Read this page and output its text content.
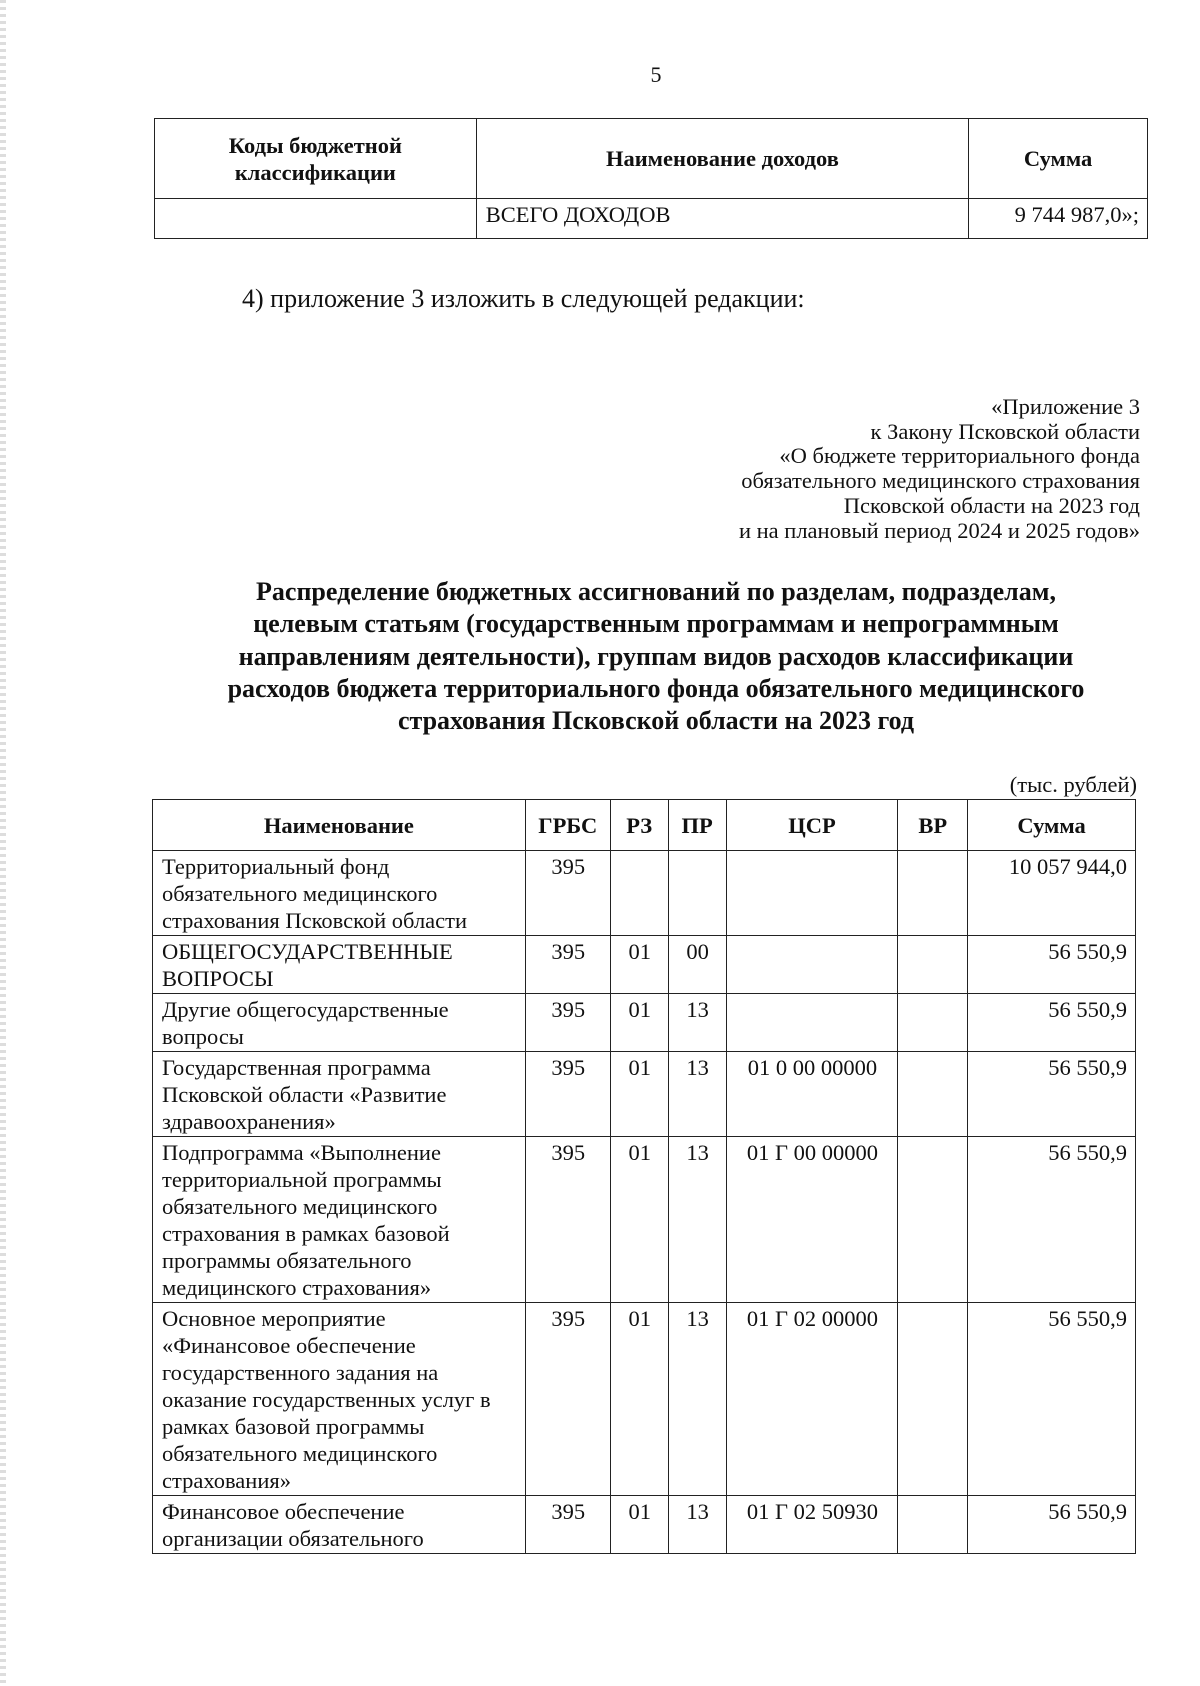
5
Коды бюджетной классификации	Наименование доходов	Сумма
	ВСЕГО ДОХОДОВ	9 744 987,0»;
4) приложение 3 изложить в следующей редакции:
«Приложение 3
к Закону Псковской области
«О бюджете территориального фонда
обязательного медицинского страхования
Псковской области на 2023 год
и на плановый период 2024 и 2025 годов»
Распределение бюджетных ассигнований по разделам, подразделам,
целевым статьям (государственным программам и непрограммным
направлениям деятельности), группам видов расходов классификации
расходов бюджета территориального фонда обязательного медицинского
страхования Псковской области на 2023 год
(тыс. рублей)
Наименование	ГРБС	РЗ	ПР	ЦСР	ВР	Сумма
Территориальный фонд обязательного медицинского страхования Псковской области	395					10 057 944,0
ОБЩЕГОСУДАРСТВЕННЫЕ ВОПРОСЫ	395	01	00			56 550,9
Другие общегосударственные вопросы	395	01	13			56 550,9
Государственная программа Псковской области «Развитие здравоохранения»	395	01	13	01 0 00 00000		56 550,9
Подпрограмма «Выполнение территориальной программы обязательного медицинского страхования в рамках базовой программы обязательного медицинского страхования»	395	01	13	01 Г 00 00000		56 550,9
Основное мероприятие «Финансовое обеспечение государственного задания на оказание государственных услуг в рамках базовой программы обязательного медицинского страхования»	395	01	13	01 Г 02 00000		56 550,9
Финансовое обеспечение организации обязательного	395	01	13	01 Г 02 50930		56 550,9
